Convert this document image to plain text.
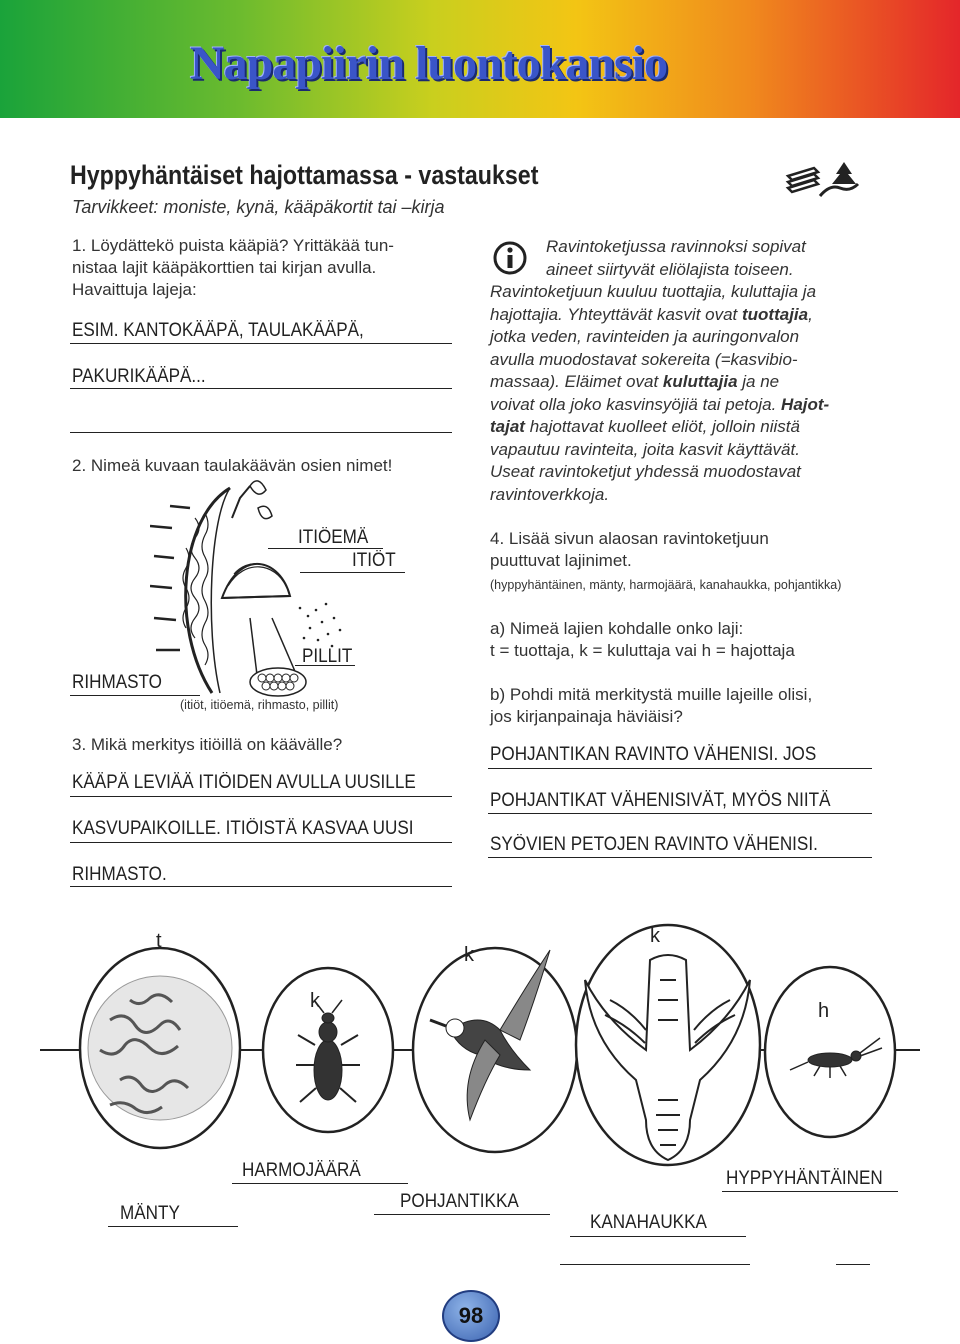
Napapiirin luontokansio
Hyppyhäntäiset hajottamassa - vastaukset
Tarvikkeet: moniste, kynä, kääpäkortit tai –kirja
1. Löydättekö puista kääpiä? Yrittäkää tun-
nistaa lajit kääpäkorttien tai kirjan avulla.
Havaittuja lajeja:
ESIM. KANTOKÄÄPÄ, TAULAKÄÄPÄ,
PAKURIKÄÄPÄ...
2. Nimeä kuvaan taulakäävän osien nimet!
ITIÖEMÄ
ITIÖT
PILLIT
RIHMASTO
(itiöt, itiöemä, rihmasto, pillit)
3. Mikä merkitys itiöillä on käävälle?
KÄÄPÄ LEVIÄÄ ITIÖIDEN AVULLA UUSILLE
KASVUPAIKOILLE. ITIÖISTÄ KASVAA UUSI
RIHMASTO.
Ravintoketjussa ravinnoksi sopivat
aineet siirtyvät eliölajista toiseen.
Ravintoketjuun kuuluu tuottajia, kuluttajia ja
hajottajia. Yhteyttävät kasvit ovat tuottajia,
jotka veden, ravinteiden ja auringonvalon
avulla muodostavat sokereita (=kasvibio-
massaa). Eläimet ovat kuluttajia ja ne
voivat olla joko kasvinsyöjiä tai petoja. Hajot-
tajat hajottavat kuolleet eliöt, jolloin niistä
vapautuu ravinteita, joita kasvit käyttävät.
Useat ravintoketjut yhdessä muodostavat
ravintoverkkoja.
4. Lisää sivun alaosan ravintoketjuun
puuttuvat lajinimet.
(hyppyhäntäinen, mänty, harmojäärä, kanahaukka, pohjantikka)
a) Nimeä lajien kohdalle onko laji:
t = tuottaja, k = kuluttaja vai h = hajottaja
b) Pohdi mitä merkitystä muille lajeille olisi,
jos kirjanpainaja häviäisi?
POHJANTIKAN RAVINTO VÄHENISI. JOS
POHJANTIKAT VÄHENISIVÄT, MYÖS NIITÄ
SYÖVIEN PETOJEN RAVINTO VÄHENISI.
t
k
k
k
h
MÄNTY
HARMOJÄÄRÄ
POHJANTIKKA
KANAHAUKKA
HYPPYHÄNTÄINEN
98
